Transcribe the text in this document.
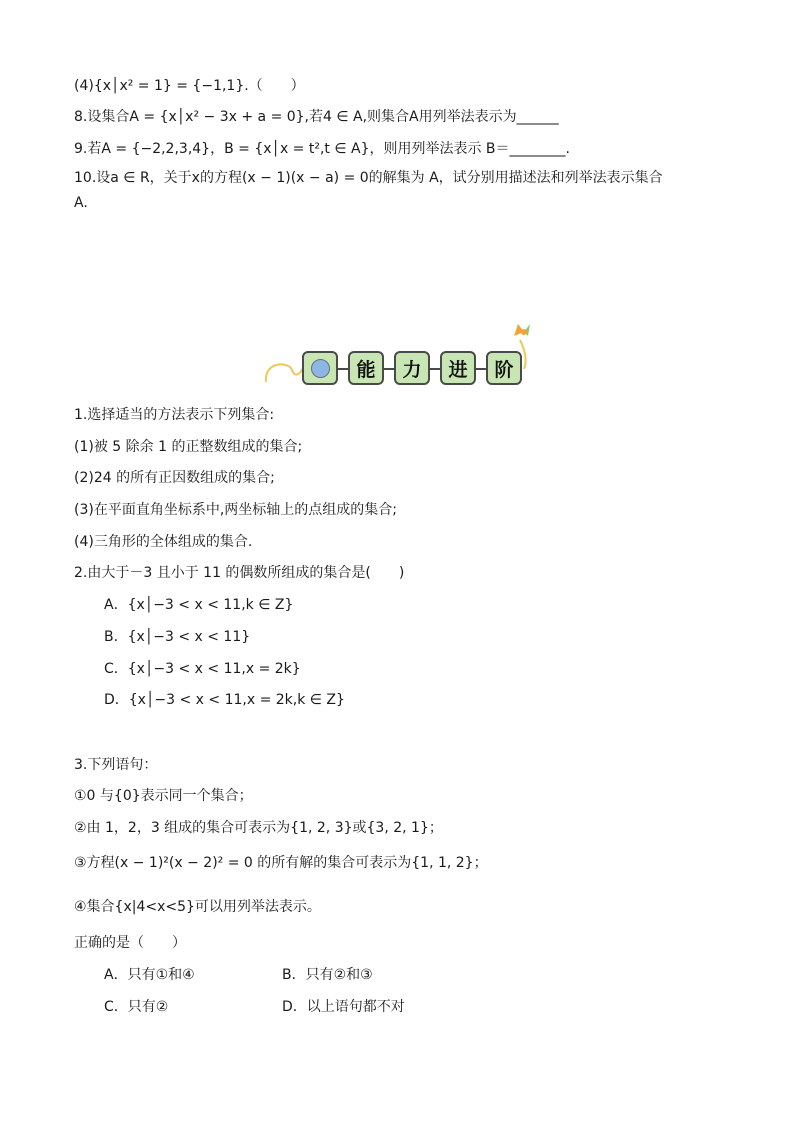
(4){x│x² = 1} = {−1,1}.（　　）
8.设集合A = {x│x² − 3x + a = 0},若4 ∈ A,则集合A用列举法表示为______
9.若A = {−2,2,3,4}，B = {x│x = t²,t ∈ A}，则用列举法表示 B＝________.
10.设a ∈ R，关于x的方程(x − 1)(x − a) = 0的解集为 A，试分别用描述法和列举法表示集合
A.
能	力	进	阶
1.选择适当的方法表示下列集合:
(1)被 5 除余 1 的正整数组成的集合;
(2)24 的所有正因数组成的集合;
(3)在平面直角坐标系中,两坐标轴上的点组成的集合;
(4)三角形的全体组成的集合.
2.由大于－3 且小于 11 的偶数所组成的集合是(　　)
A．{x│−3 < x < 11,k ∈ Z}
B．{x│−3 < x < 11}
C．{x│−3 < x < 11,x = 2k}
D．{x│−3 < x < 11,x = 2k,k ∈ Z}
3.下列语句：
①0 与{0}表示同一个集合；
②由 1，2，3 组成的集合可表示为{1, 2, 3}或{3, 2, 1}；
③方程(x − 1)²(x − 2)² = 0 的所有解的集合可表示为{1, 1, 2}；
④集合{x|4<x<5}可以用列举法表示。
正确的是（　　）
A．只有①和④	B．只有②和③
C．只有②	D．以上语句都不对
